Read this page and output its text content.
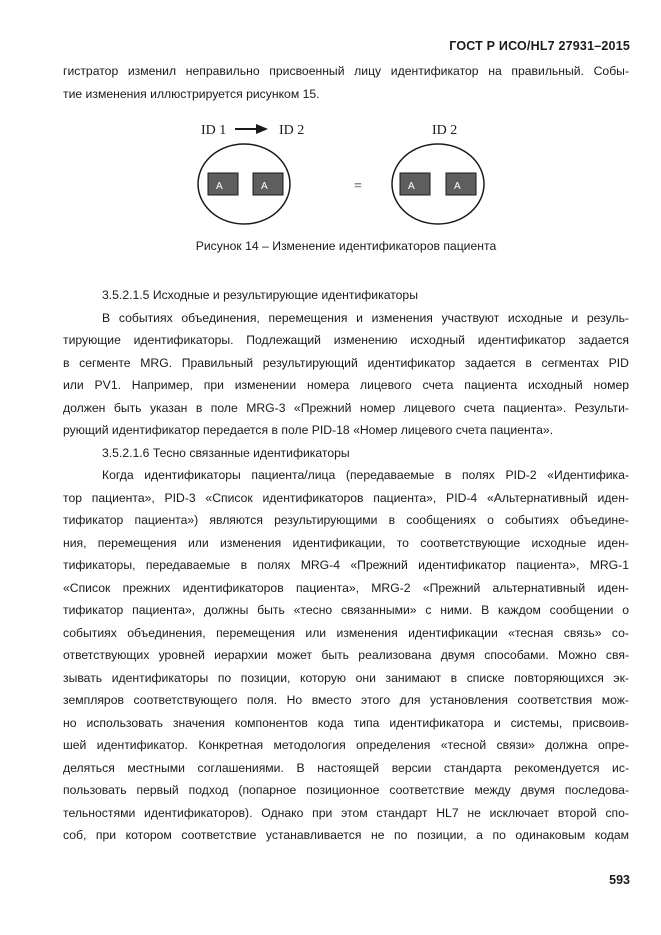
ГОСТ Р ИСО/HL7 27931–2015

гистратор изменил неправильно присвоенный лицу идентификатор на правильный. Собы-

тие изменения иллюстрируется рисунком 15.

ID 1	ID 2	ID 2
A	A	=	A	A
Рисунок 14 – Изменение идентификаторов пациента

3.5.2.1.5 Исходные и результирующие идентификаторы

В событиях объединения, перемещения и изменения участвуют исходные и резуль-

тирующие идентификаторы. Подлежащий изменению исходный идентификатор задается

в сегменте MRG. Правильный результирующий идентификатор задается в сегментах PID

или PV1. Например, при изменении номера лицевого счета пациента исходный номер

должен быть указан в поле MRG-3 «Прежний номер лицевого счета пациента». Результи-

рующий идентификатор передается в поле PID-18 «Номер лицевого счета пациента».

3.5.2.1.6 Тесно связанные идентификаторы

Когда идентификаторы пациента/лица (передаваемые в полях PID-2 «Идентифика-

тор пациента», PID-3 «Список идентификаторов пациента», PID-4 «Альтернативный иден-

тификатор пациента») являются результирующими в сообщениях о событиях объедине-

ния, перемещения или изменения идентификации, то соответствующие исходные иден-

тификаторы, передаваемые в полях MRG-4 «Прежний идентификатор пациента», MRG-1

«Список прежних идентификаторов пациента», MRG-2 «Прежний альтернативный иден-

тификатор пациента», должны быть «тесно связанными» с ними. В каждом сообщении о

событиях объединения, перемещения или изменения идентификации «тесная связь» со-

ответствующих уровней иерархии может быть реализована двумя способами. Можно свя-

зывать идентификаторы по позиции, которую они занимают в списке повторяющихся эк-

земпляров соответствующего поля. Но вместо этого для установления соответствия мож-

но использовать значения компонентов кода типа идентификатора и системы, присвоив-

шей идентификатор. Конкретная методология определения «тесной связи» должна опре-

деляться местными соглашениями. В настоящей версии стандарта рекомендуется ис-

пользовать первый подход (попарное позиционное соответствие между двумя последова-

тельностями идентификаторов). Однако при этом стандарт HL7 не исключает второй спо-

соб, при котором соответствие устанавливается не по позиции, а по одинаковым кодам

593
